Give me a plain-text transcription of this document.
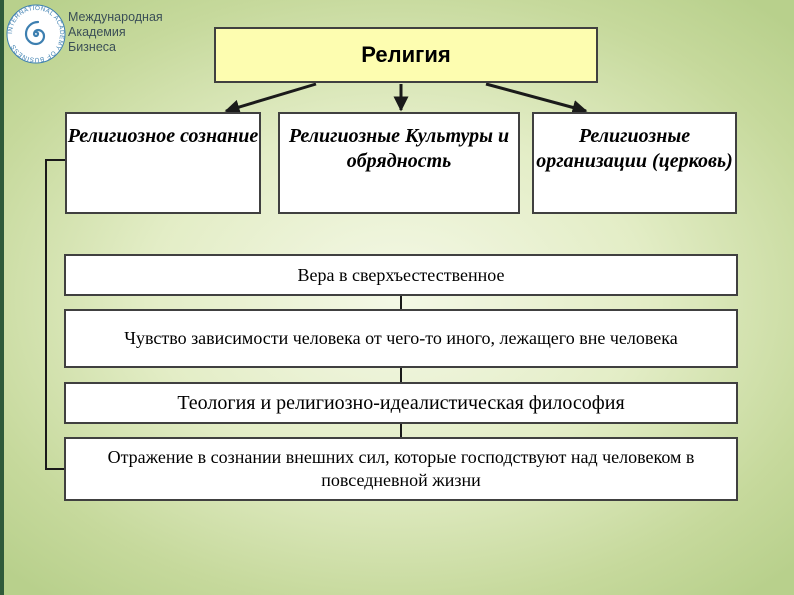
INTERNATIONAL ACADEMY OF BUSINESS
Международная
Академия
Бизнеса	Религия
Религиозное сознание	Религиозные Культуры и обрядность
Религиозные организации (церковь)
Вера в сверхъестественное
Чувство зависимости человека от чего-то иного, лежащего вне человека
Теология и религиозно-идеалистическая философия
Отражение в сознании внешних сил, которые господствуют над человеком в повседневной жизни
